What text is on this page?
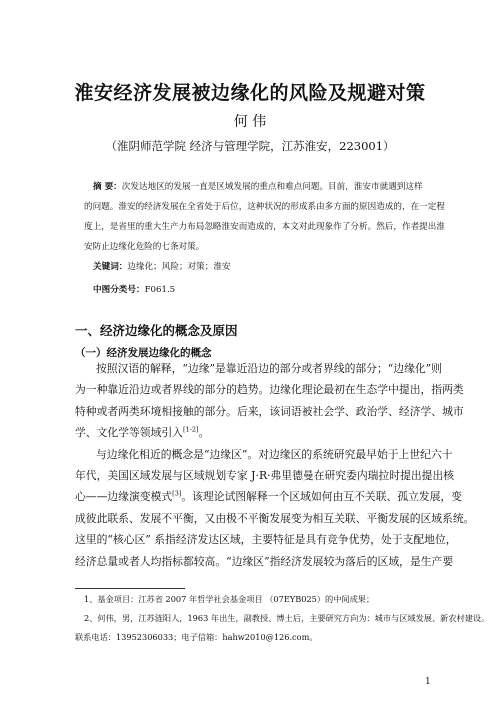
淮安经济发展被边缘化的风险及规避对策
何 伟
（淮阴师范学院 经济与管理学院，江苏淮安，223001）
摘 要：次发达地区的发展一直是区域发展的重点和难点问题。目前，淮安市就遇到这样
的问题。淮安的经济发展在全省处于后位，这种状况的形成系由多方面的原因造成的，在一定程
度上，是省里的重大生产力布局忽略淮安而造成的，本文对此现象作了分析。然后，作者提出淮
安防止边缘化危险的七条对策。
关键词：边缘化；风险；对策；淮安
中图分类号：F061.5
一、经济边缘化的概念及原因
（一）经济发展边缘化的概念
按照汉语的解释，“边缘”是靠近沿边的部分或者界线的部分；“边缘化”则
为一种靠近沿边或者界线的部分的趋势。边缘化理论最初在生态学中提出，指两类
特种或者两类环境相接触的部分。后来，该词语被社会学、政治学、经济学、城市
学、文化学等领域引入[1-2]。
与边缘化相近的概念是“边缘区”。对边缘区的系统研究最早始于上世纪六十
年代，美国区域发展与区域规划专家 J·R·弗里德曼在研究委内瑞拉时提出提出核
心——边缘演变模式[3]。该理论试图解释一个区域如何由互不关联、孤立发展，变
成彼此联系、发展不平衡，又由极不平衡发展变为相互关联、平衡发展的区域系统。
这里的“核心区” 系指经济发达区域，主要特征是具有竞争优势，处于支配地位，
经济总量或者人均指标都较高。“边缘区”指经济发展较为落后的区域，是生产要
1、基金项目：江苏省 2007 年哲学社会基金项目 （07EYB025）的中间成果；
2、何伟，男，江苏涟阳人，1963 年出生，副教授、博士后，主要研究方向为：城市与区域发展、新农村建设。
联系电话：13952306033；电子信箱：hahw2010@126.com。
1
